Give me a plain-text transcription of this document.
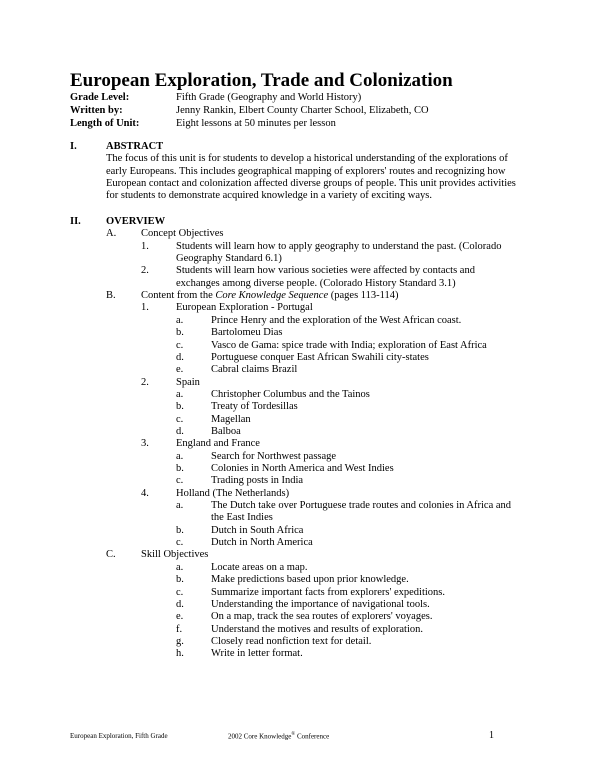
European Exploration, Trade and Colonization
Grade Level:	Fifth Grade (Geography and World History)
Written by:	Jenny Rankin, Elbert County Charter School, Elizabeth, CO
Length of Unit:	Eight lessons at 50 minutes per lesson
I.	ABSTRACT
The focus of this unit is for students to develop a historical understanding of the explorations of
early Europeans. This includes geographical mapping of explorers' routes and recognizing how
European contact and colonization affected diverse groups of people. This unit provides activities
for students to demonstrate acquired knowledge in a variety of exciting ways.
II. OVERVIEW
A. Concept Objectives
1.	Students will learn how to apply geography to understand the past. (Colorado
Geography Standard 6.1)
2.	Students will learn how various societies were affected by contacts and
exchanges among diverse people. (Colorado History Standard 3.1)
B. Content from the Core Knowledge Sequence (pages 113-114)
1.	European Exploration - Portugal
a.	Prince Henry and the exploration of the West African coast.
b.	Bartolomeu Dias
c.	Vasco de Gama: spice trade with India; exploration of East Africa
d.	Portuguese conquer East African Swahili city-states
e.	Cabral claims Brazil
2.	Spain
a.	Christopher Columbus and the Tainos
b.	Treaty of Tordesillas
c.	Magellan
d.	Balboa
3.	England and France
a.	Search for Northwest passage
b.	Colonies in North America and West Indies
c.	Trading posts in India
4.	Holland (The Netherlands)
a.	The Dutch take over Portuguese trade routes and colonies in Africa and
the East Indies
b.	Dutch in South Africa
c.	Dutch in North America
C. Skill Objectives
a.	Locate areas on a map.
b.	Make predictions based upon prior knowledge.
c.	Summarize important facts from explorers' expeditions.
d.	Understanding the importance of navigational tools.
e.	On a map, track the sea routes of explorers' voyages.
f.	Understand the motives and results of exploration.
g.	Closely read nonfiction text for detail.
h.	Write in letter format.
European Exploration, Fifth Grade	2002 Core Knowledge® Conference	1
